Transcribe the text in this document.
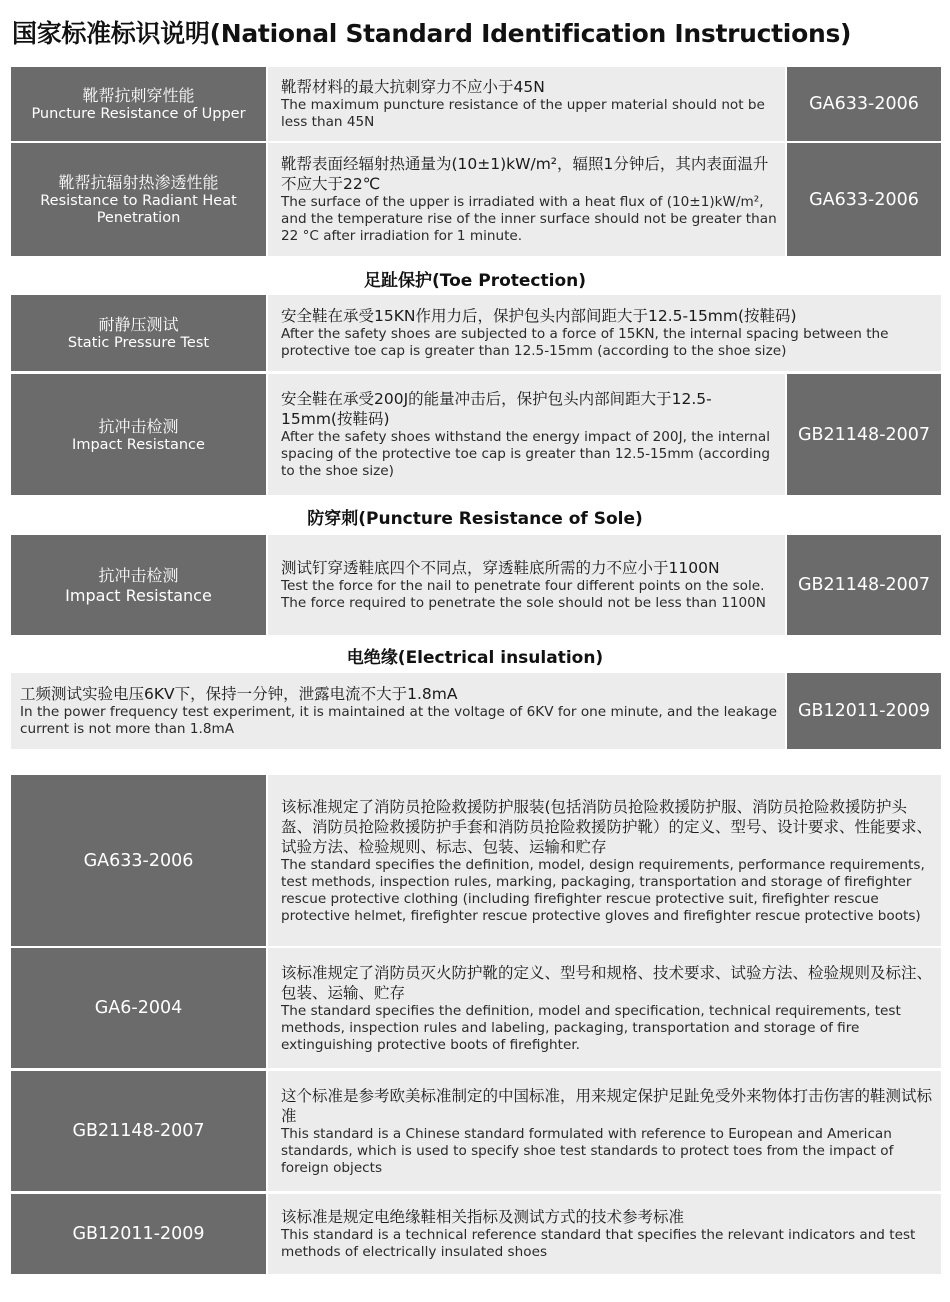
国家标准标识说明(National Standard Identification Instructions)
靴帮抗刺穿性能
Puncture Resistance of Upper
靴帮材料的最大抗刺穿力不应小于45N
The maximum puncture resistance of the upper material should not be less than 45N
GA633-2006
靴帮抗辐射热渗透性能
Resistance to Radiant Heat Penetration
靴帮表面经辐射热通量为(10±1)kW/m²，辐照1分钟后，其内表面温升不应大于22℃
The surface of the upper is irradiated with a heat flux of (10±1)kW/m², and the temperature rise of the inner surface should not be greater than 22 °C after irradiation for 1 minute.
GA633-2006
足趾保护(Toe Protection)
耐静压测试
Static Pressure Test
安全鞋在承受15KN作用力后，保护包头内部间距大于12.5-15mm(按鞋码)
After the safety shoes are subjected to a force of 15KN, the internal spacing between the protective toe cap is greater than 12.5-15mm (according to the shoe size)
抗冲击检测
Impact Resistance
安全鞋在承受200J的能量冲击后，保护包头内部间距大于12.5-15mm(按鞋码)
After the safety shoes withstand the energy impact of 200J, the internal spacing of the protective toe cap is greater than 12.5-15mm (according to the shoe size)
GB21148-2007
防穿刺(Puncture Resistance of Sole)
抗冲击检测
Impact Resistance
测试钉穿透鞋底四个不同点，穿透鞋底所需的力不应小于1100N
Test the force for the nail to penetrate four different points on the sole. The force required to penetrate the sole should not be less than 1100N
GB21148-2007
电绝缘(Electrical insulation)
工频测试实验电压6KV下，保持一分钟，泄露电流不大于1.8mA
In the power frequency test experiment, it is maintained at the voltage of 6KV for one minute, and the leakage current is not more than 1.8mA
GB12011-2009
GA633-2006
该标准规定了消防员抢险救援防护服装(包括消防员抢险救援防护服、消防员抢险救援防护头盔、消防员抢险救援防护手套和消防员抢险救援防护靴）的定义、型号、设计要求、性能要求、试验方法、检验规则、标志、包装、运输和贮存
The standard specifies the definition, model, design requirements, performance requirements, test methods, inspection rules, marking, packaging, transportation and storage of firefighter rescue protective clothing (including firefighter rescue protective suit, firefighter rescue protective helmet, firefighter rescue protective gloves and firefighter rescue protective boots)
GA6-2004
该标准规定了消防员灭火防护靴的定义、型号和规格、技术要求、试验方法、检验规则及标注、包装、运输、贮存
The standard specifies the definition, model and specification, technical requirements, test methods, inspection rules and labeling, packaging, transportation and storage of fire extinguishing protective boots of firefighter.
GB21148-2007
这个标准是参考欧美标准制定的中国标准，用来规定保护足趾免受外来物体打击伤害的鞋测试标准
This standard is a Chinese standard formulated with reference to European and American standards, which is used to specify shoe test standards to protect toes from the impact of foreign objects
GB12011-2009
该标准是规定电绝缘鞋相关指标及测试方式的技术参考标准
This standard is a technical reference standard that specifies the relevant indicators and test methods of electrically insulated shoes
